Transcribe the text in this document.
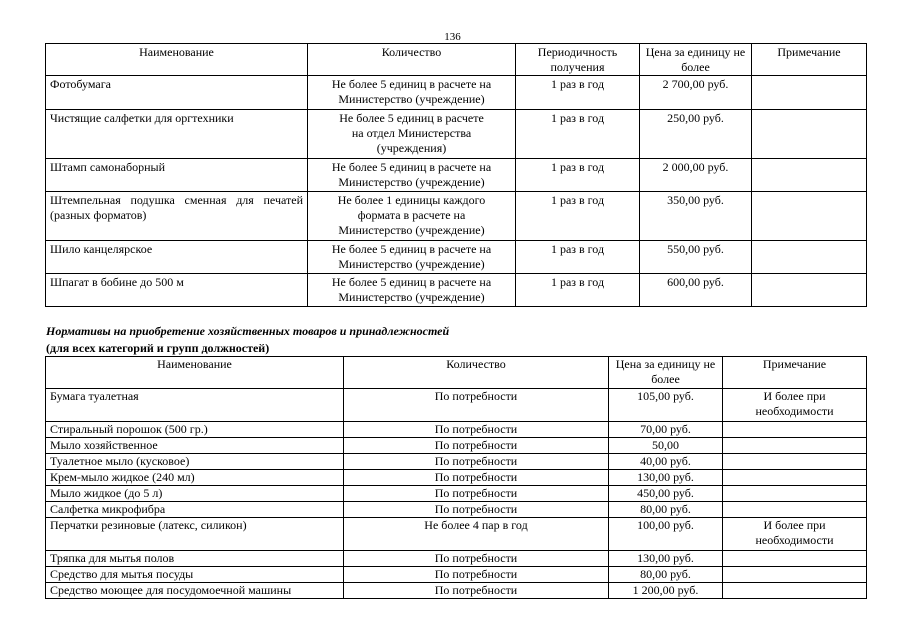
136
Наименование	Количество	Периодичность получения	Цена за единицу не более	Примечание
Фотобумага	Не более 5 единиц в расчете на Министерство (учреждение)	1 раз в год	2 700,00 руб.	
Чистящие салфетки для оргтехники	Не более 5 единиц в расчете на отдел Министерства (учреждения)	1 раз в год	250,00 руб.	
Штамп самонаборный	Не более 5 единиц в расчете на Министерство (учреждение)	1 раз в год	2 000,00 руб.	
Штемпельная подушка сменная для печатей (разных форматов)	Не более 1 единицы каждого формата в расчете на Министерство (учреждение)	1 раз в год	350,00 руб.	
Шило канцелярское	Не более 5 единиц в расчете на Министерство (учреждение)	1 раз в год	550,00 руб.	
Шпагат в бобине до 500 м	Не более 5 единиц в расчете на Министерство (учреждение)	1 раз в год	600,00 руб.	
Нормативы на приобретение хозяйственных товаров и принадлежностей
(для всех категорий и групп должностей)
Наименование	Количество	Цена за единицу не более	Примечание
Бумага туалетная	По потребности	105,00 руб.	И более при необходимости
Стиральный порошок (500 гр.)	По потребности	70,00 руб.	
Мыло хозяйственное	По потребности	50,00	
Туалетное мыло (кусковое)	По потребности	40,00 руб.	
Крем-мыло жидкое (240 мл)	По потребности	130,00 руб.	
Мыло жидкое (до 5 л)	По потребности	450,00 руб.	
Салфетка микрофибра	По потребности	80,00 руб.	
Перчатки резиновые (латекс, силикон)	Не более 4 пар в год	100,00 руб.	И более при необходимости
Тряпка для мытья полов	По потребности	130,00 руб.	
Средство для мытья посуды	По потребности	80,00 руб.	
Средство моющее для посудомоечной машины	По потребности	1 200,00 руб.	
